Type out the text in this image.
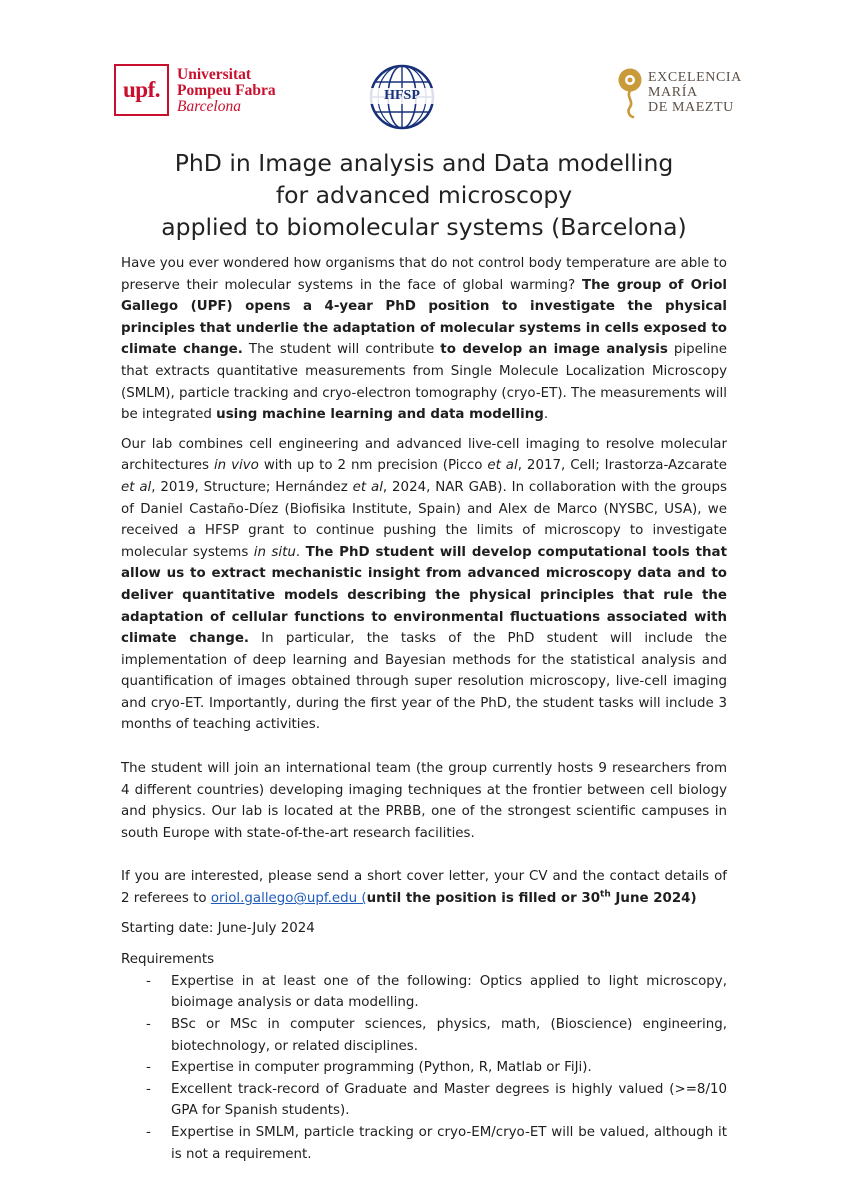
upf.
Universitat
Pompeu Fabra
Barcelona
HFSP
EXCELENCIA
MARÍA
DE MAEZTU
PhD in Image analysis and Data modelling
for advanced microscopy
applied to biomolecular systems (Barcelona)

Have you ever wondered how organisms that do not control body temperature are able to preserve their molecular systems in the face of global warming? The group of Oriol Gallego (UPF) opens a 4-year PhD position to investigate the physical principles that underlie the adaptation of molecular systems in cells exposed to climate change. The student will contribute to develop an image analysis pipeline that extracts quantitative measurements from Single Molecule Localization Microscopy (SMLM), particle tracking and cryo-electron tomography (cryo-ET). The measurements will be integrated using machine learning and data modelling.

Our lab combines cell engineering and advanced live-cell imaging to resolve molecular architectures in vivo with up to 2 nm precision (Picco et al, 2017, Cell; Irastorza-Azcarate et al, 2019, Structure; Hernández et al, 2024, NAR GAB). In collaboration with the groups of Daniel Castaño-Díez (Biofisika Institute, Spain) and Alex de Marco (NYSBC, USA), we received a HFSP grant to continue pushing the limits of microscopy to investigate molecular systems in situ. The PhD student will develop computational tools that allow us to extract mechanistic insight from advanced microscopy data and to deliver quantitative models describing the physical principles that rule the adaptation of cellular functions to environmental fluctuations associated with climate change. In particular, the tasks of the PhD student will include the implementation of deep learning and Bayesian methods for the statistical analysis and quantification of images obtained through super resolution microscopy, live-cell imaging and cryo-ET. Importantly, during the first year of the PhD, the student tasks will include 3 months of teaching activities.

The student will join an international team (the group currently hosts 9 researchers from 4 different countries) developing imaging techniques at the frontier between cell biology and physics. Our lab is located at the PRBB, one of the strongest scientific campuses in south Europe with state-of-the-art research facilities.

If you are interested, please send a short cover letter, your CV and the contact details of 2 referees to oriol.gallego@upf.edu (until the position is filled or 30th June 2024)

Starting date: June-July 2024

Requirements

- Expertise in at least one of the following: Optics applied to light microscopy, bioimage analysis or data modelling.
- BSc or MSc in computer sciences, physics, math, (Bioscience) engineering, biotechnology, or related disciplines.
- Expertise in computer programming (Python, R, Matlab or FiJi).
- Excellent track-record of Graduate and Master degrees is highly valued (>=8/10 GPA for Spanish students).
- Expertise in SMLM, particle tracking or cryo-EM/cryo-ET will be valued, although it is not a requirement.
